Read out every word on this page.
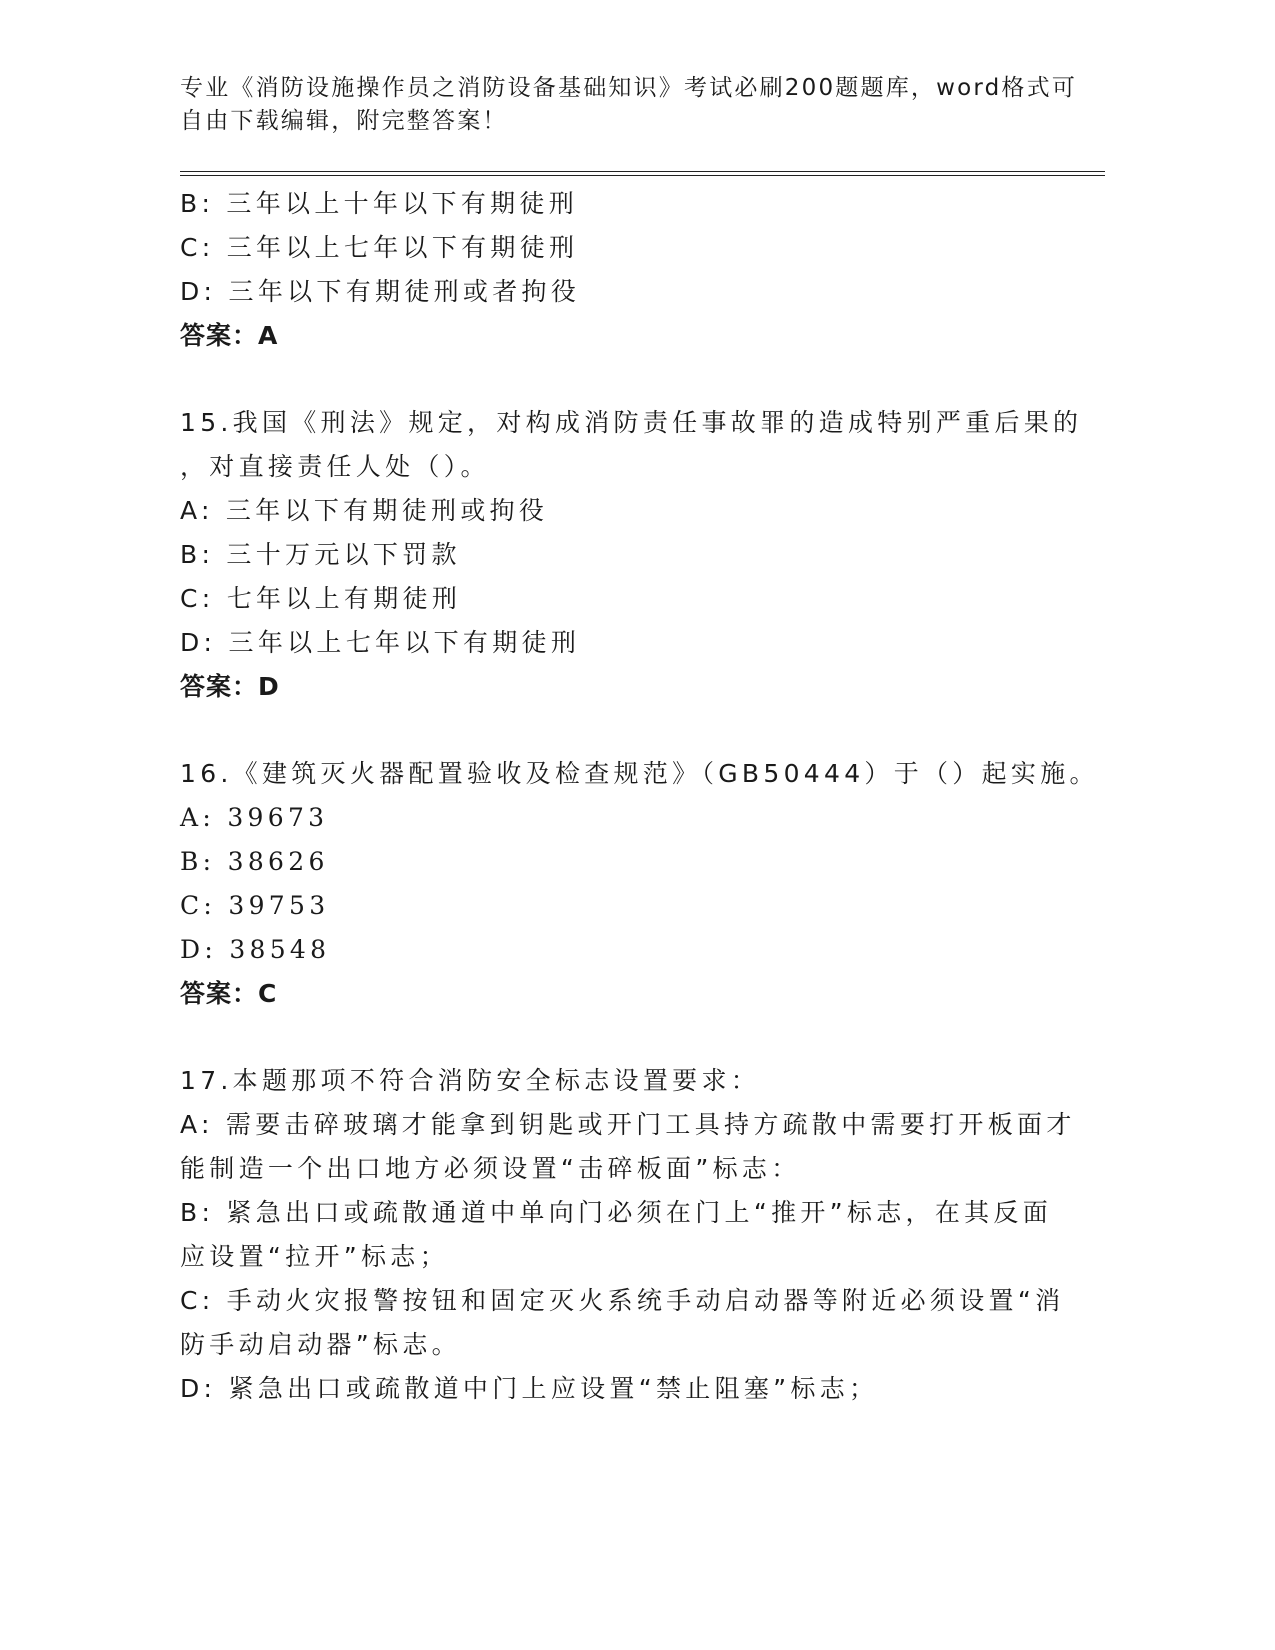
专业《消防设施操作员之消防设备基础知识》考试必刷200题题库，word格式可
自由下载编辑，附完整答案！
B: 三年以上十年以下有期徒刑
C: 三年以上七年以下有期徒刑
D: 三年以下有期徒刑或者拘役
答案：A
15.我国《刑法》规定，对构成消防责任事故罪的造成特别严重后果的
，对直接责任人处（）。
A: 三年以下有期徒刑或拘役
B: 三十万元以下罚款
C: 七年以上有期徒刑
D: 三年以上七年以下有期徒刑
答案：D
16.《建筑灭火器配置验收及检查规范》（GB50444）于（）起实施。
A: 39673
B: 38626
C: 39753
D: 38548
答案：C
17.本题那项不符合消防安全标志设置要求：
A: 需要击碎玻璃才能拿到钥匙或开门工具持方疏散中需要打开板面才
能制造一个出口地方必须设置“击碎板面”标志：
B: 紧急出口或疏散通道中单向门必须在门上“推开”标志，在其反面
应设置“拉开”标志；
C: 手动火灾报警按钮和固定灭火系统手动启动器等附近必须设置“消
防手动启动器”标志。
D: 紧急出口或疏散道中门上应设置“禁止阻塞”标志；
